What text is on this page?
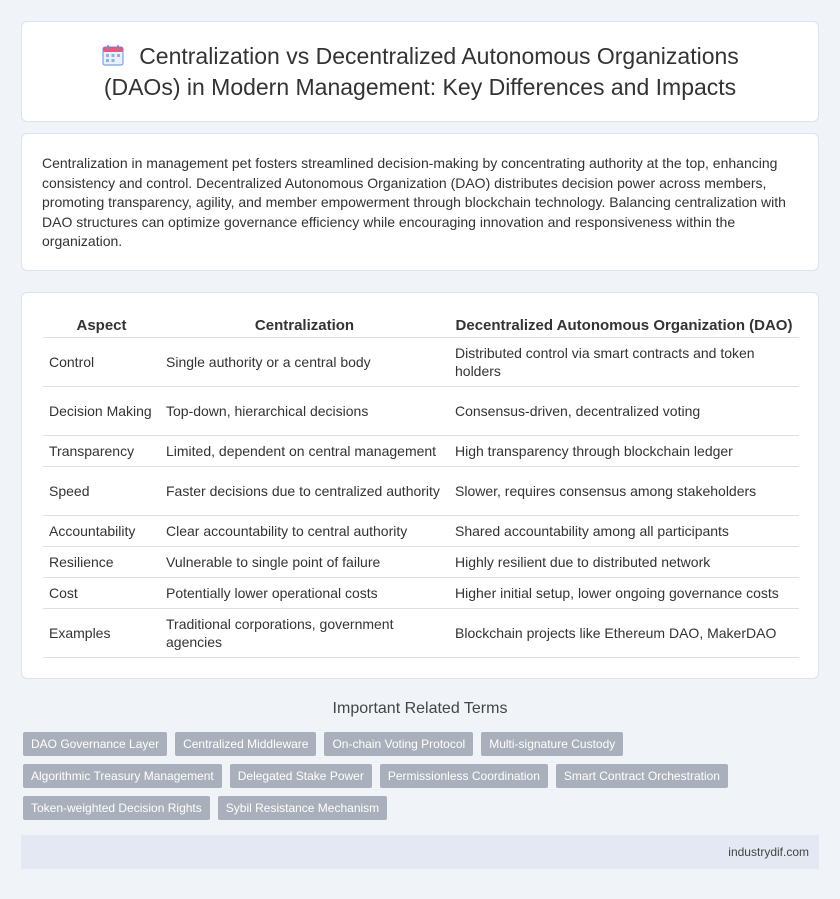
Centralization vs Decentralized Autonomous Organizations (DAOs) in Modern Management: Key Differences and Impacts

Centralization in management pet fosters streamlined decision-making by concentrating authority at the top, enhancing consistency and control. Decentralized Autonomous Organization (DAO) distributes decision power across members, promoting transparency, agility, and member empowerment through blockchain technology. Balancing centralization with DAO structures can optimize governance efficiency while encouraging innovation and responsiveness within the organization.

Aspect	Centralization	Decentralized Autonomous Organization (DAO)
Control	Single authority or a central body	Distributed control via smart contracts and token holders
Decision Making	Top-down, hierarchical decisions	Consensus-driven, decentralized voting
Transparency	Limited, dependent on central management	High transparency through blockchain ledger
Speed	Faster decisions due to centralized authority	Slower, requires consensus among stakeholders
Accountability	Clear accountability to central authority	Shared accountability among all participants
Resilience	Vulnerable to single point of failure	Highly resilient due to distributed network
Cost	Potentially lower operational costs	Higher initial setup, lower ongoing governance costs
Examples	Traditional corporations, government agencies	Blockchain projects like Ethereum DAO, MakerDAO
Important Related Terms
DAO Governance Layer	Centralized Middleware	On-chain Voting Protocol	Multi-signature Custody
Algorithmic Treasury Management	Delegated Stake Power	Permissionless Coordination	Smart Contract Orchestration
Token-weighted Decision Rights	Sybil Resistance Mechanism
industrydif.com
